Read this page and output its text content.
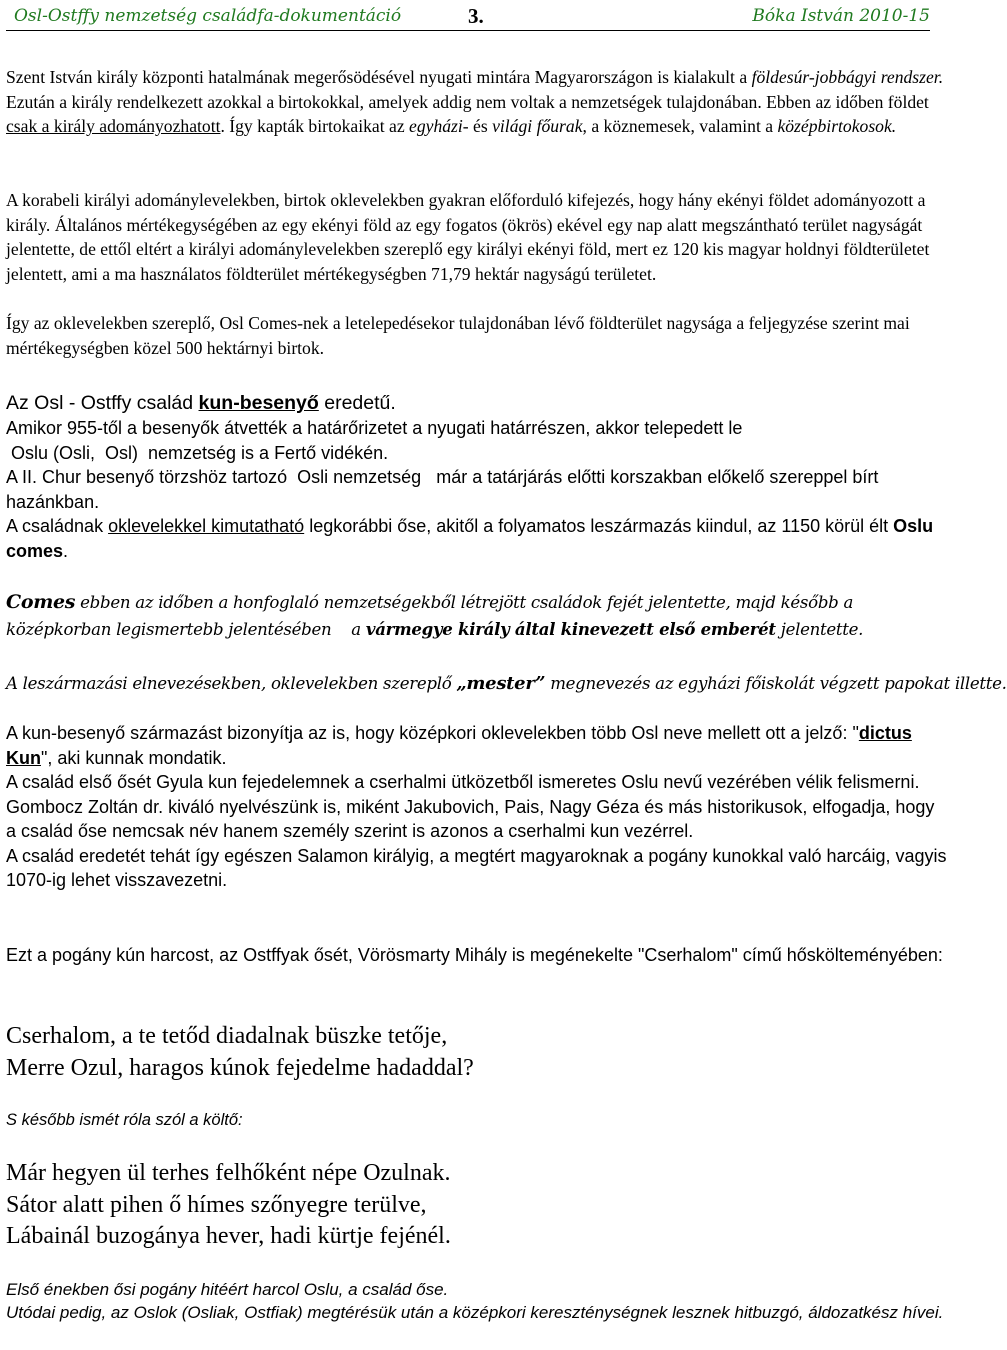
Osl-Ostffy nemzetség családfa-dokumentáció	3.	Bóka István 2010-15

Szent István király központi hatalmának megerősödésével nyugati mintára Magyarországon is kialakult a földesúr-jobbágyi rendszer. Ezután a király rendelkezett azokkal a birtokokkal, amelyek addig nem voltak a nemzetségek tulajdonában. Ebben az időben földet csak a király adományozhatott. Így kapták birtokaikat az egyházi- és világi főurak, a köznemesek, valamint a középbirtokosok.

A korabeli királyi adománylevelekben, birtok oklevelekben gyakran előforduló kifejezés, hogy hány ekényi földet adományozott a király. Általános mértékegységében az egy ekényi föld az egy fogatos (ökrös) ekével egy nap alatt megszántható terület nagyságát jelentette, de ettől eltért a királyi adománylevelekben szereplő egy királyi ekényi föld, mert ez 120 kis magyar holdnyi földterületet jelentett, ami a ma használatos földterület mértékegységben 71,79 hektár nagyságú területet.

Így az oklevelekben szereplő, Osl Comes-nek a letelepedésekor tulajdonában lévő földterület nagysága a feljegyzése szerint mai mértékegységben közel 500 hektárnyi birtok.

Az Osl - Ostffy család kun-besenyő eredetű.
Amikor 955-től a besenyők átvették a határőrizetet a nyugati határrészen, akkor telepedett le
Oslu (Osli,  Osl)  nemzetség is a Fertő vidékén.
A II. Chur besenyő törzshöz tartozó  Osli nemzetség   már a tatárjárás előtti korszakban előkelő szereppel bírt hazánkban.
A családnak oklevelekkel kimutatható legkorábbi őse, akitől a folyamatos leszármazás kiindul, az 1150 körül élt Oslu comes.

Comes ebben az időben a honfoglaló nemzetségekből létrejött családok fejét jelentette, majd később a középkorban legismertebb jelentésében    a vármegye király által kinevezett első emberét jelentette.

A leszármazási elnevezésekben, oklevelekben szereplő „mester” megnevezés az egyházi főiskolát végzett papokat illette.

A kun-besenyő származást bizonyítja az is, hogy középkori oklevelekben több Osl neve mellett ott a jelző: "dictus Kun", aki kunnak mondatik.
A család első ősét Gyula kun fejedelemnek a cserhalmi ütközetből ismeretes Oslu nevű vezérében vélik felismerni. Gombocz Zoltán dr. kiváló nyelvészünk is, miként Jakubovich, Pais, Nagy Géza és más historikusok, elfogadja, hogy a család őse nemcsak név hanem személy szerint is azonos a cserhalmi kun vezérrel.
A család eredetét tehát így egészen Salamon királyig, a megtért magyaroknak a pogány kunokkal való harcáig, vagyis 1070-ig lehet visszavezetni.

Ezt a pogány kún harcost, az Ostffyak ősét, Vörösmarty Mihály is megénekelte "Cserhalom" című hőskölteményében:

Cserhalom, a te tetőd diadalnak büszke tetője,
Merre Ozul, haragos kúnok fejedelme hadaddal?

S később ismét róla szól a költő:

Már hegyen ül terhes felhőként népe Ozulnak.
Sátor alatt pihen ő hímes szőnyegre terülve,
Lábainál buzogánya hever, hadi kürtje fejénél.
Első énekben ősi pogány hitéért harcol Oslu, a család őse.
Utódai pedig, az Oslok (Osliak, Ostfiak) megtérésük után a középkori kereszténységnek lesznek hitbuzgó, áldozatkész hívei.
